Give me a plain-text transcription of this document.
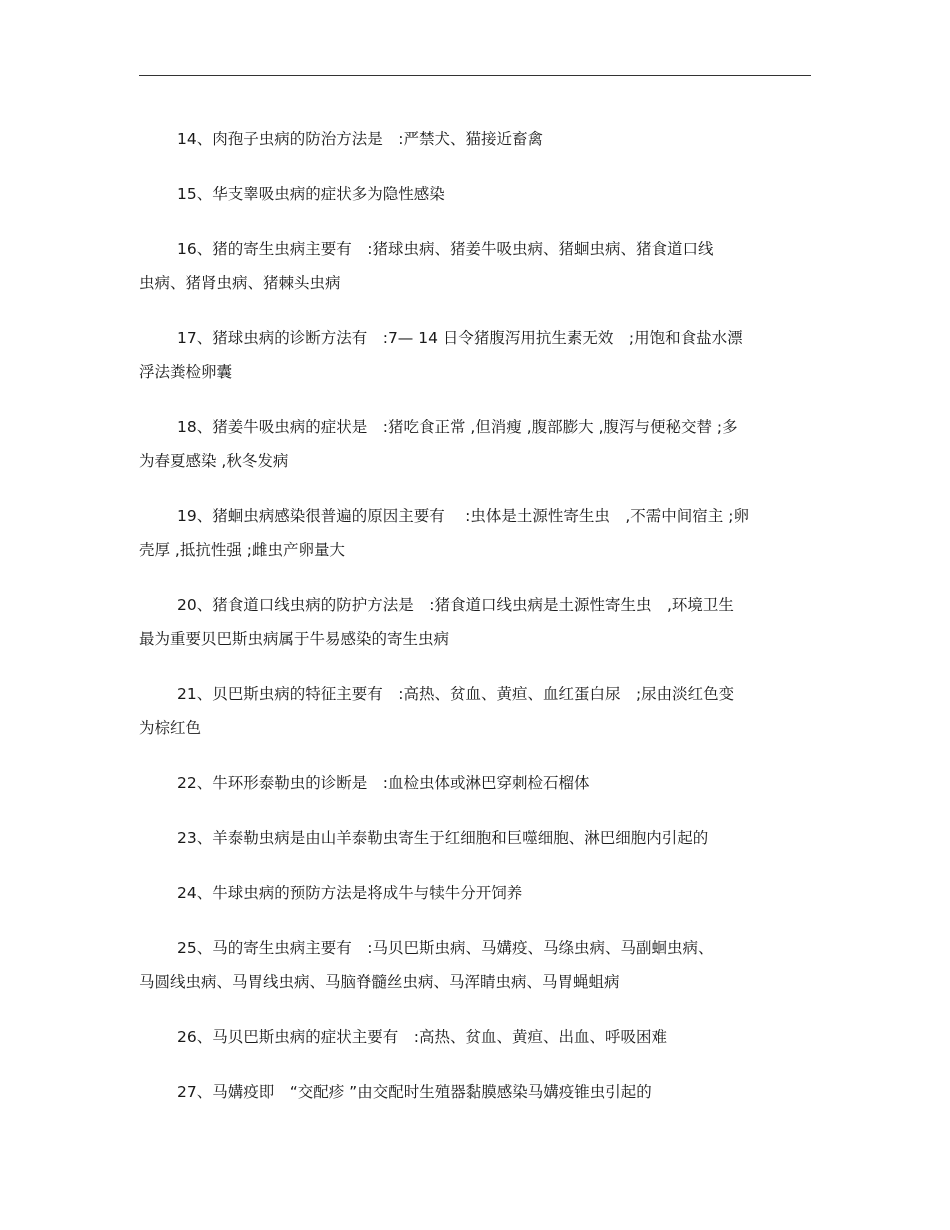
14、肉孢子虫病的防治方法是　:严禁犬、猫接近畜禽

15、华支睾吸虫病的症状多为隐性感染

16、猪的寄生虫病主要有　:猪球虫病、猪姜牛吸虫病、猪蛔虫病、猪食道口线
虫病、猪肾虫病、猪棘头虫病

17、猪球虫病的诊断方法有　:7— 14 日令猪腹泻用抗生素无效　;用饱和食盐水漂
浮法粪检卵囊

18、猪姜牛吸虫病的症状是　:猪吃食正常 ,但消瘦 ,腹部膨大 ,腹泻与便秘交替 ;多
为春夏感染 ,秋冬发病

19、猪蛔虫病感染很普遍的原因主要有　 :虫体是土源性寄生虫　,不需中间宿主 ;卵
壳厚 ,抵抗性强 ;雌虫产卵量大

20、猪食道口线虫病的防护方法是　:猪食道口线虫病是土源性寄生虫　,环境卫生
最为重要贝巴斯虫病属于牛易感染的寄生虫病

21、贝巴斯虫病的特征主要有　:高热、贫血、黄疸、血红蛋白尿　;尿由淡红色变
为棕红色

22、牛环形泰勒虫的诊断是　:血检虫体或淋巴穿刺检石榴体

23、羊泰勒虫病是由山羊泰勒虫寄生于红细胞和巨噬细胞、淋巴细胞内引起的

24、牛球虫病的预防方法是将成牛与犊牛分开饲养

25、马的寄生虫病主要有　:马贝巴斯虫病、马媾疫、马绦虫病、马副蛔虫病、
马圆线虫病、马胃线虫病、马脑脊髓丝虫病、马浑睛虫病、马胃蝇蛆病

26、马贝巴斯虫病的症状主要有　:高热、贫血、黄疸、出血、呼吸困难

27、马媾疫即　“交配疹 ”由交配时生殖器黏膜感染马媾疫锥虫引起的
